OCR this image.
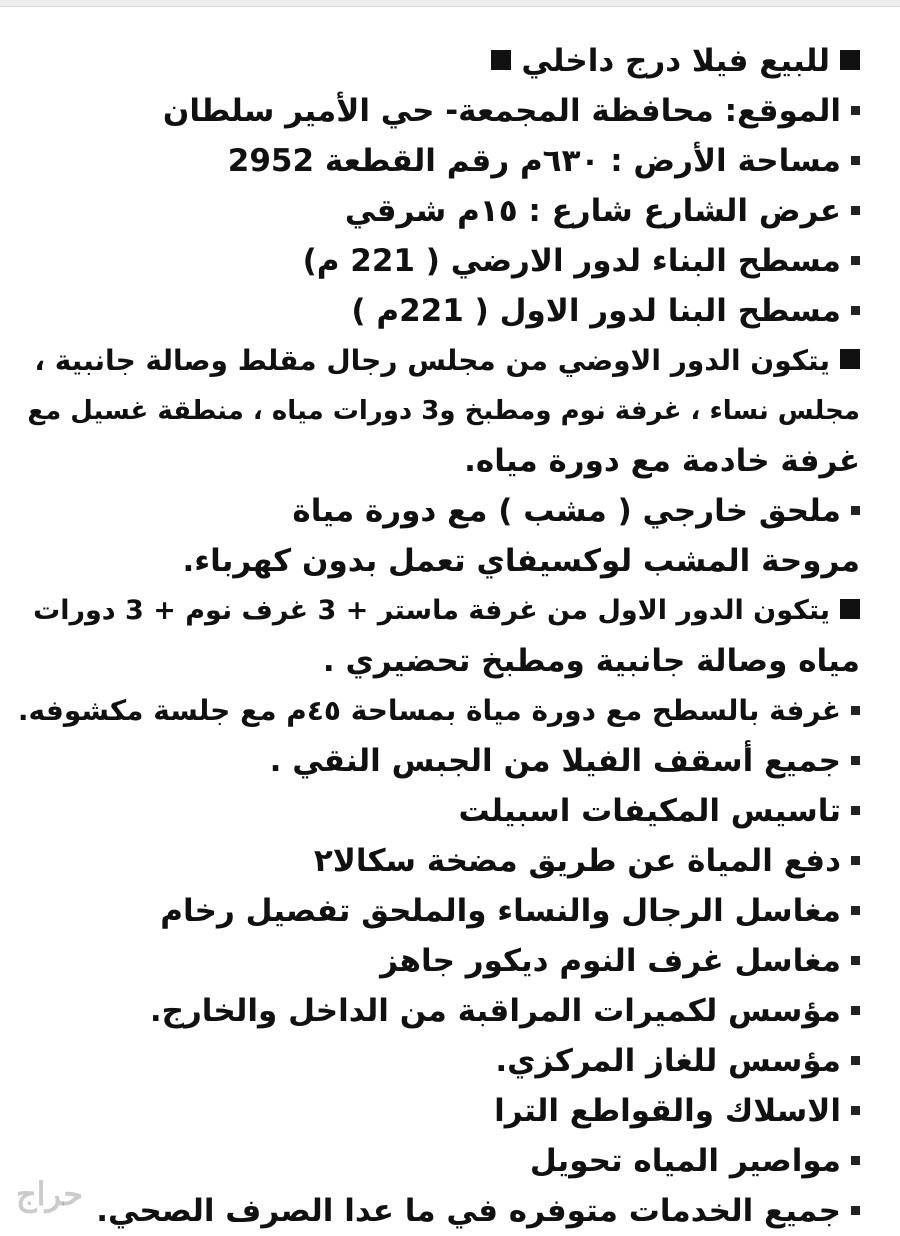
للبيع فيلا درج داخلي
الموقع: محافظة المجمعة- حي الأمير سلطان
مساحة الأرض : ٦٣٠م رقم القطعة 2952
عرض الشارع شارع : ١٥م شرقي
مسطح البناء لدور الارضي ( 221 م)
مسطح البنا لدور الاول ( 221م )
يتكون الدور الاوضي من مجلس رجال مقلط وصالة جانبية ،
مجلس نساء ، غرفة نوم ومطبخ و3 دورات مياه ، منطقة غسيل مع
غرفة خادمة مع دورة مياه.
ملحق خارجي ( مشب ) مع دورة مياة
مروحة المشب لوكسيفاي تعمل بدون كهرباء.
يتكون الدور الاول من غرفة ماستر + 3 غرف نوم + 3 دورات
مياه وصالة جانبية ومطبخ تحضيري .
غرفة بالسطح مع دورة مياة بمساحة ٤٥م مع جلسة مكشوفه.
جميع أسقف الفيلا من الجبس النقي .
تاسيس المكيفات اسبيلت
دفع المياة عن طريق مضخة سكالا٢
مغاسل الرجال والنساء والملحق تفصيل رخام
مغاسل غرف النوم ديكور جاهز
مؤسس لكميرات المراقبة من الداخل والخارج.
مؤسس للغاز المركزي.
الاسلاك والقواطع الترا
مواصير المياه تحويل
جميع الخدمات متوفره في ما عدا الصرف الصحي.
حراج
